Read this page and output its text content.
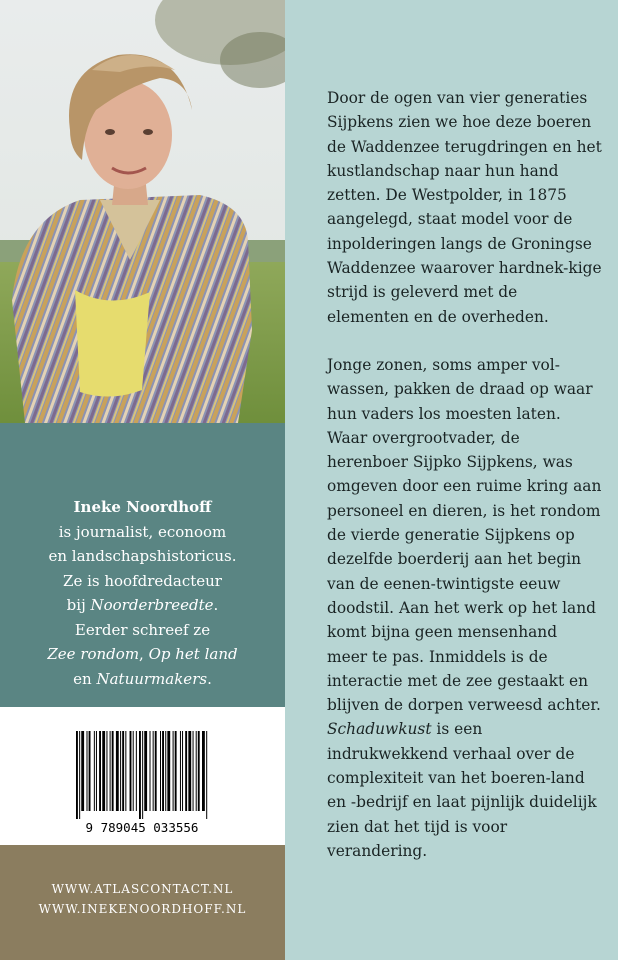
Ineke Noordhoff
is journalist, econoom
en landschapshistoricus.
Ze is hoofdredacteur
bij Noorderbreedte.
Eerder schreef ze
Zee rondom, Op het land
en Natuurmakers.

9 789045 033556
WWW.ATLASCONTACT.NL
WWW.INEKENOORDHOFF.NL

Door de ogen van vier generaties Sijpkens zien we hoe deze boeren de Waddenzee terugdringen en het kustlandschap naar hun hand zetten. De Westpolder, in 1875 aangelegd, staat model voor de inpolderingen langs de Groningse Waddenzee waarover hardnek-kige strijd is geleverd met de elementen en de overheden.

Jonge zonen, soms amper vol-wassen, pakken de draad op waar hun vaders los moesten laten. Waar overgrootvader, de herenboer Sijpko Sijpkens, was omgeven door een ruime kring aan personeel en dieren, is het rondom de vierde generatie Sijpkens op dezelfde boerderij aan het begin van de eenen-twintigste eeuw doodstil. Aan het werk op het land komt bijna geen mensenhand meer te pas. Inmiddels is de interactie met de zee gestaakt en blijven de dorpen verweesd achter. Schaduwkust is een indrukwekkend verhaal over de complexiteit van het boeren-land en -bedrijf en laat pijnlijk duidelijk zien dat het tijd is voor verandering.
